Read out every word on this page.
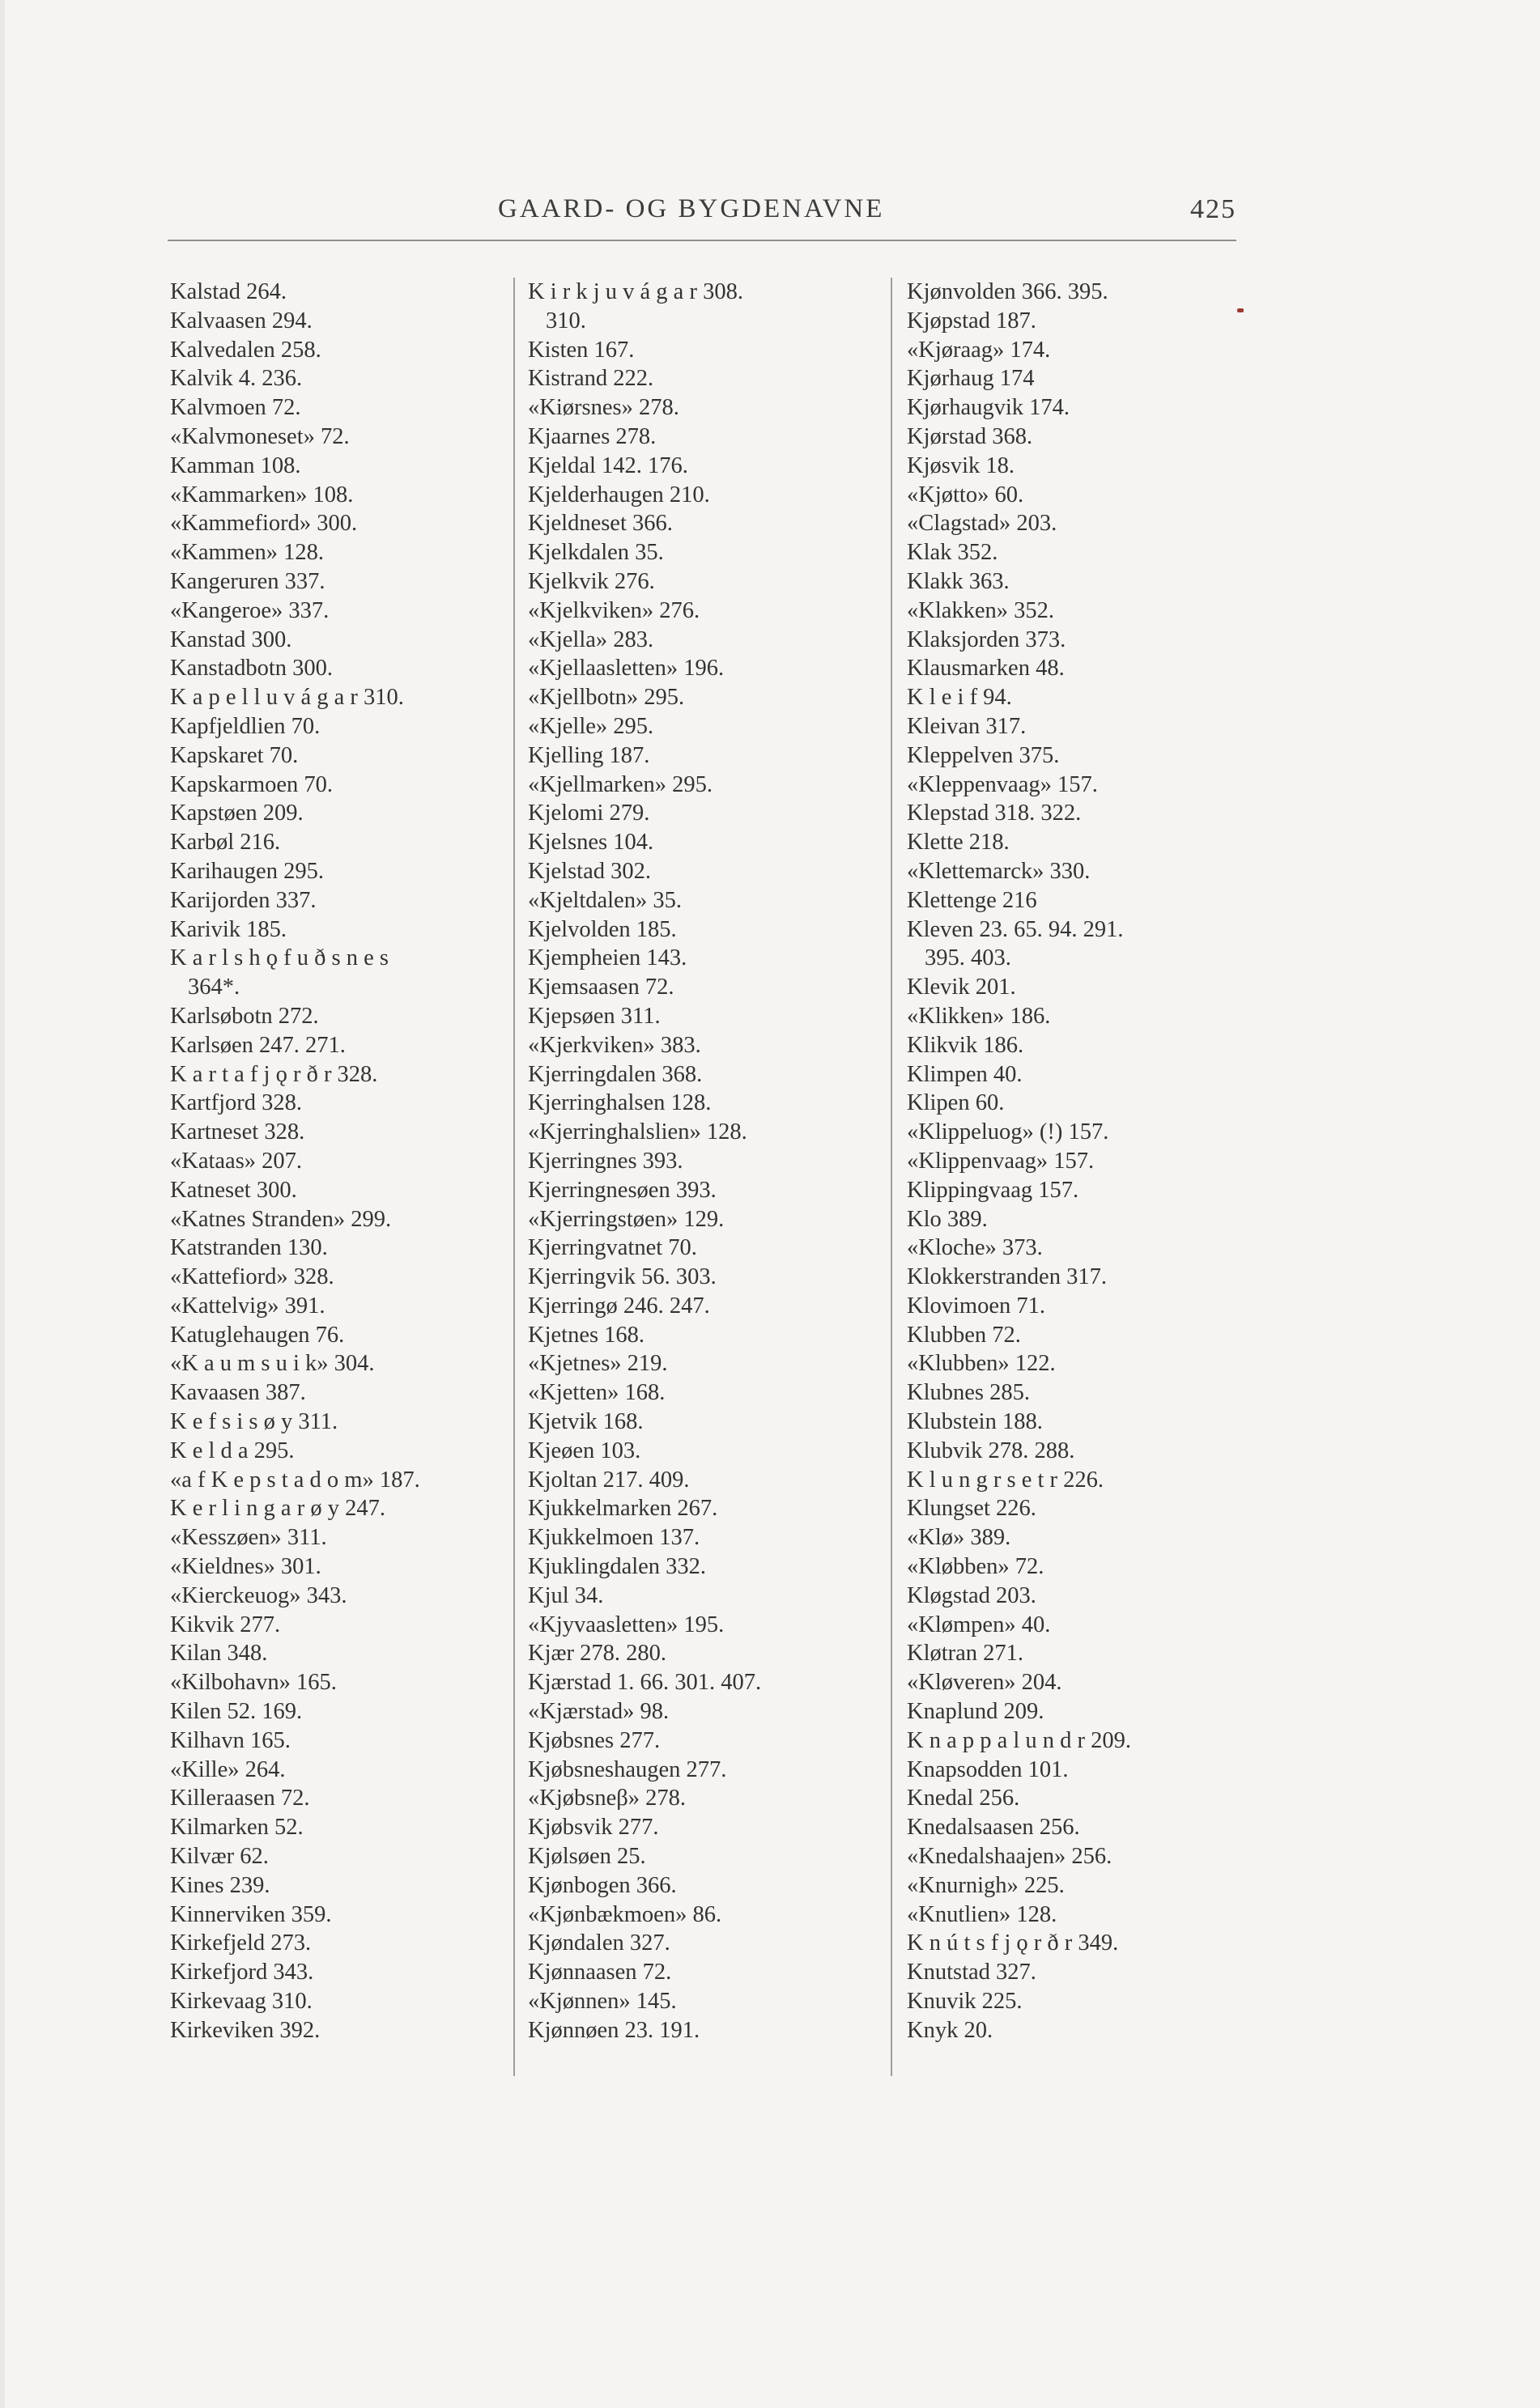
GAARD- OG BYGDENAVNE	425
Kalstad 264.
Kalvaasen 294.
Kalvedalen 258.
Kalvik 4. 236.
Kalvmoen 72.
«Kalvmoneset» 72.
Kamman 108.
«Kammarken» 108.
«Kammefiord» 300.
«Kammen» 128.
Kangeruren 337.
«Kangeroe» 337.
Kanstad 300.
Kanstadbotn 300.
K a p e l l u v á g a r 310.
Kapfjeldlien 70.
Kapskaret 70.
Kapskarmoen 70.
Kapstøen 209.
Karbøl 216.
Karihaugen 295.
Karijorden 337.
Karivik 185.
K a r l s h ǫ f u ð s n e s
364*.
Karlsøbotn 272.
Karlsøen 247. 271.
K a r t a f j ǫ r ð r 328.
Kartfjord 328.
Kartneset 328.
«Kataas» 207.
Katneset 300.
«Katnes Stranden» 299.
Katstranden 130.
«Kattefiord» 328.
«Kattelvig» 391.
Katuglehaugen 76.
«K a u m s u i k» 304.
Kavaasen 387.
K e f s i s ø y 311.
K e l d a 295.
«a f K e p s t a d o m» 187.
K e r l i n g a r ø y 247.
«Kesszøen» 311.
«Kieldnes» 301.
«Kierckeuog» 343.
Kikvik 277.
Kilan 348.
«Kilbohavn» 165.
Kilen 52. 169.
Kilhavn 165.
«Kille» 264.
Killeraasen 72.
Kilmarken 52.
Kilvær 62.
Kines 239.
Kinnerviken 359.
Kirkefjeld 273.
Kirkefjord 343.
Kirkevaag 310.
Kirkeviken 392.
K i r k j u v á g a r 308.
310.
Kisten 167.
Kistrand 222.
«Kiørsnes» 278.
Kjaarnes 278.
Kjeldal 142. 176.
Kjelderhaugen 210.
Kjeldneset 366.
Kjelkdalen 35.
Kjelkvik 276.
«Kjelkviken» 276.
«Kjella» 283.
«Kjellaasletten» 196.
«Kjellbotn» 295.
«Kjelle» 295.
Kjelling 187.
«Kjellmarken» 295.
Kjelomi 279.
Kjelsnes 104.
Kjelstad 302.
«Kjeltdalen» 35.
Kjelvolden 185.
Kjempheien 143.
Kjemsaasen 72.
Kjepsøen 311.
«Kjerkviken» 383.
Kjerringdalen 368.
Kjerringhalsen 128.
«Kjerringhalslien» 128.
Kjerringnes 393.
Kjerringnesøen 393.
«Kjerringstøen» 129.
Kjerringvatnet 70.
Kjerringvik 56. 303.
Kjerringø 246. 247.
Kjetnes 168.
«Kjetnes» 219.
«Kjetten» 168.
Kjetvik 168.
Kjeøen 103.
Kjoltan 217. 409.
Kjukkelmarken 267.
Kjukkelmoen 137.
Kjuklingdalen 332.
Kjul 34.
«Kjyvaasletten» 195.
Kjær 278. 280.
Kjærstad 1. 66. 301. 407.
«Kjærstad» 98.
Kjøbsnes 277.
Kjøbsneshaugen 277.
«Kjøbsneβ» 278.
Kjøbsvik 277.
Kjølsøen 25.
Kjønbogen 366.
«Kjønbækmoen» 86.
Kjøndalen 327.
Kjønnaasen 72.
«Kjønnen» 145.
Kjønnøen 23. 191.
Kjønvolden 366. 395.
Kjøpstad 187.
«Kjøraag» 174.
Kjørhaug 174
Kjørhaugvik 174.
Kjørstad 368.
Kjøsvik 18.
«Kjøtto» 60.
«Clagstad» 203.
Klak 352.
Klakk 363.
«Klakken» 352.
Klaksjorden 373.
Klausmarken 48.
K l e i f 94.
Kleivan 317.
Kleppelven 375.
«Kleppenvaag» 157.
Klepstad 318. 322.
Klette 218.
«Klettemarck» 330.
Klettenge 216
Kleven 23. 65. 94. 291.
395. 403.
Klevik 201.
«Klikken» 186.
Klikvik 186.
Klimpen 40.
Klipen 60.
«Klippeluog» (!) 157.
«Klippenvaag» 157.
Klippingvaag 157.
Klo 389.
«Kloche» 373.
Klokkerstranden 317.
Klovimoen 71.
Klubben 72.
«Klubben» 122.
Klubnes 285.
Klubstein 188.
Klubvik 278. 288.
K l u n g r s e t r 226.
Klungset 226.
«Klø» 389.
«Kløbben» 72.
Kløgstad 203.
«Klømpen» 40.
Kløtran 271.
«Kløveren» 204.
Knaplund 209.
K n a p p a l u n d r 209.
Knapsodden 101.
Knedal 256.
Knedalsaasen 256.
«Knedalshaajen» 256.
«Knurnigh» 225.
«Knutlien» 128.
K n ú t s f j ǫ r ð r 349.
Knutstad 327.
Knuvik 225.
Knyk 20.
